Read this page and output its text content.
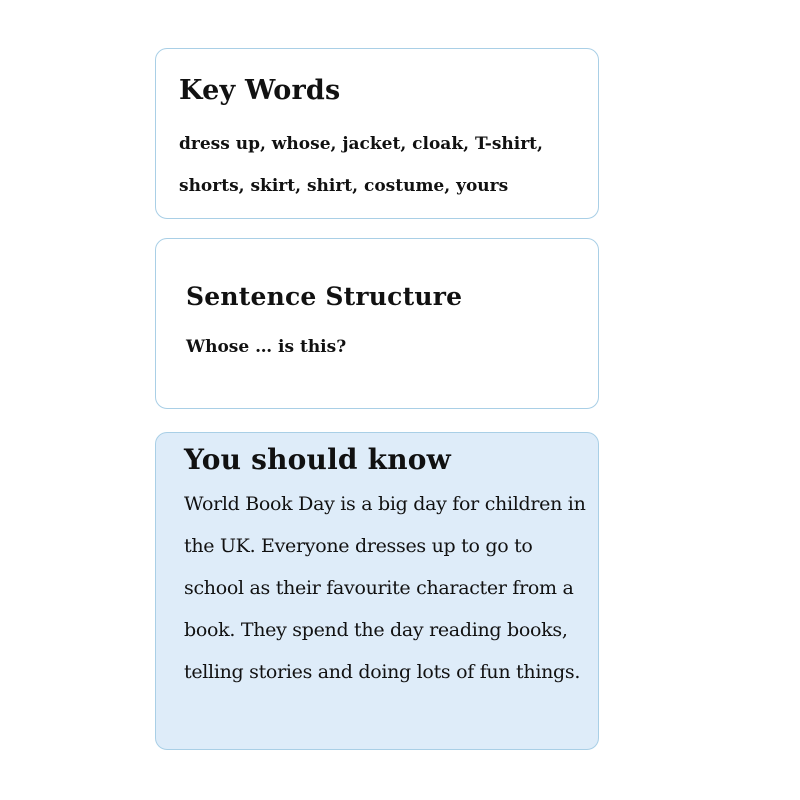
Key Words

dress up, whose, jacket, cloak, T-shirt, shorts, skirt, shirt, costume, yours

Sentence Structure

Whose … is this?

You should know

World Book Day is a big day for children in the UK. Everyone dresses up to go to school as their favourite character from a book. They spend the day reading books, telling stories and doing lots of fun things.
